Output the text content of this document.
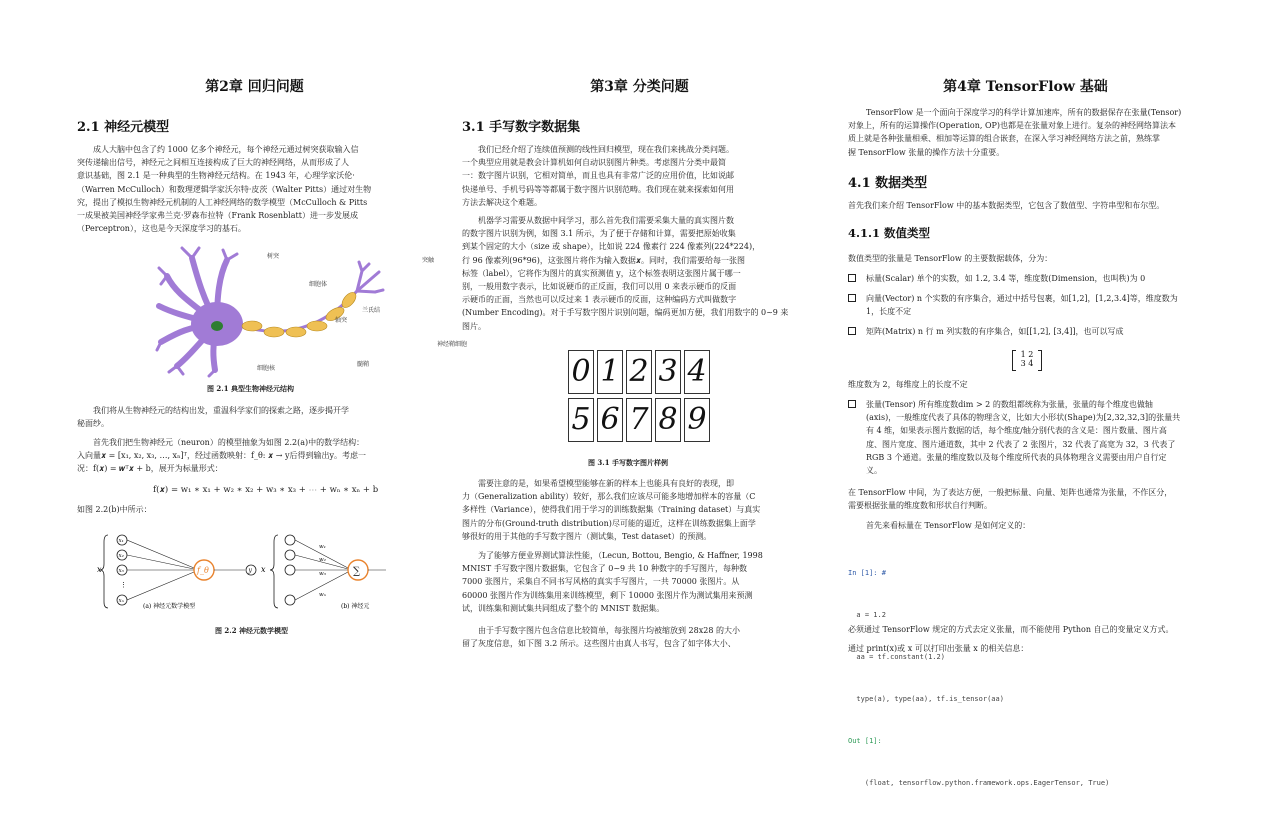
第2章 回归问题
2.1 神经元模型
成人大脑中包含了约 1000 亿多个神经元，每个神经元通过树突获取输入信
突传递输出信号，神经元之间相互连接构成了巨大的神经网络，从而形成了人
意识基础，图 2.1 是一种典型的生物神经元结构。在 1943 年，心理学家沃伦·
（Warren McCulloch）和数理逻辑学家沃尔特·皮茨（Walter Pitts）通过对生物
究，提出了模拟生物神经元机制的人工神经网络的数学模型（McCulloch & Pitts
一成果被美国神经学家弗兰克·罗森布拉特（Frank Rosenblatt）进一步发展成
（Perceptron），这也是今天深度学习的基石。
树突
细胞体
兰氏结
突触
轴突
神经鞘细胞
细胞核
髓鞘
图 2.1 典型生物神经元结构
我们将从生物神经元的结构出发，重温科学家们的探索之路，逐步揭开学
秘面纱。
首先我们把生物神经元（neuron）的模型抽象为如图 2.2(a)中的数学结构：
入向量𝒙 = [x₁, x₂, x₃, …, xₙ]ᵀ，经过函数映射：f_θ: 𝒙 → y后得到输出y。考虑一
况：f(𝒙) = 𝒘ᵀ𝒙 + b，展开为标量形式：
f(𝒙) = w₁ ∗ x₁ + w₂ ∗ x₂ + w₃ ∗ x₃ + ⋯ + wₙ ∗ xₙ + b
如图 2.2(b)中所示：
x
x₁
x₂
x₃
⋮
xₙ
f_θ	y
(a) 神经元数学模型
x
w₁
w₂
w₃
wₙ
∑
(b) 神经元
图 2.2 神经元数学模型
第3章 分类问题
3.1 手写数字数据集
我们已经介绍了连续值预测的线性回归模型，现在我们来挑战分类问题。
一个典型应用就是教会计算机如何自动识别图片种类。考虑图片分类中最简
一：数字图片识别，它相对简单，而且也具有非常广泛的应用价值，比如说邮
快递单号、手机号码等等都属于数字图片识别范畴。我们现在就来探索如何用
方法去解决这个难题。
机器学习需要从数据中间学习，那么首先我们需要采集大量的真实图片数
的数字图片识别为例，如图 3.1 所示，为了便于存储和计算，需要把原始收集
到某个固定的大小（size 或 shape），比如说 224 像素行 224 像素列(224*224)，
行 96 像素列(96*96)，这张图片将作为输入数据𝒙。同时，我们需要给每一张图
标签（label），它将作为图片的真实预测值 y，这个标签表明这张图片属于哪一
别，一般用数字表示，比如说硬币的正反面，我们可以用 0 来表示硬币的反面
示硬币的正面，当然也可以反过来 1 表示硬币的反面，这种编码方式叫做数字
(Number Encoding)。对于手写数字图片识别问题，编码更加方便，我们用数字的 0~9 来
图片。
0 1 2 3 4
5 6 7 8 9
图 3.1 手写数字图片样例
需要注意的是，如果希望模型能够在新的样本上也能具有良好的表现，即
力（Generalization ability）较好，那么我们应该尽可能多地增加样本的容量（C
多样性（Variance），使得我们用于学习的训练数据集（Training dataset）与真实
图片的分布(Ground-truth distribution)尽可能的逼近，这样在训练数据集上面学
够很好的用于其他的手写数字图片（测试集，Test dataset）的预测。
为了能够方便业界测试算法性能，（Lecun, Bottou, Bengio, & Haffner, 1998
MNIST 手写数字图片数据集，它包含了 0~9 共 10 种数字的手写图片，每种数
7000 张图片，采集自不同书写风格的真实手写图片，一共 70000 张图片。从
60000 张图片作为训练集用来训练模型，剩下 10000 张图片作为测试集用来预测
试，训练集和测试集共同组成了整个的 MNIST 数据集。
由于手写数字图片包含信息比较简单，每张图片均被缩放到 28x28 的大小
留了灰度信息，如下图 3.2 所示。这些图片由真人书写，包含了如字体大小、
第4章 TensorFlow 基础
TensorFlow 是一个面向于深度学习的科学计算加速库，所有的数据保存在张量(Tensor)
对象上，所有的运算操作(Operation, OP)也都是在张量对象上进行。复杂的神经网络算法本
质上就是各种张量相乘、相加等运算的组合嵌套，在深入学习神经网络方法之前，熟练掌
握 TensorFlow 张量的操作方法十分重要。
4.1 数据类型
首先我们来介绍 TensorFlow 中的基本数据类型，它包含了数值型、字符串型和布尔型。
4.1.1 数值类型
数值类型的张量是 TensorFlow 的主要数据载体，分为：
标量(Scalar) 单个的实数，如 1.2, 3.4 等，维度数(Dimension，也叫秩)为 0
向量(Vector) n 个实数的有序集合，通过中括号包裹，如[1,2]，[1,2,3.4]等，维度数为
1，长度不定
矩阵(Matrix) n 行 m 列实数的有序集合，如[[1,2], [3,4]]，也可以写成
1 2
3 4
维度数为 2，每维度上的长度不定
张量(Tensor) 所有维度数dim > 2 的数组都统称为张量，张量的每个维度也做轴
(axis)，一般维度代表了具体的物理含义，比如大小形状(Shape)为[2,32,32,3]的张量共
有 4 维，如果表示图片数据的话，每个维度/轴分别代表的含义是：图片数量、图片高
度、图片宽度、图片通道数，其中 2 代表了 2 张图片，32 代表了高宽为 32，3 代表了
RGB 3 个通道。张量的维度数以及每个维度所代表的具体物理含义需要由用户自行定
义。
在 TensorFlow 中间，为了表达方便，一般把标量、向量、矩阵也通常为张量，不作区分，
需要根据张量的维度数和形状自行判断。
首先来看标量在 TensorFlow 是如何定义的：

In [1]: #

a = 1.2

aa = tf.constant(1.2)

type(a), type(aa), tf.is_tensor(aa)

Out [1]:

(float, tensorflow.python.framework.ops.EagerTensor, True)

必须通过 TensorFlow 规定的方式去定义张量，而不能使用 Python 自己的变量定义方式。
通过 print(x)或 x 可以打印出张量 x 的相关信息：
